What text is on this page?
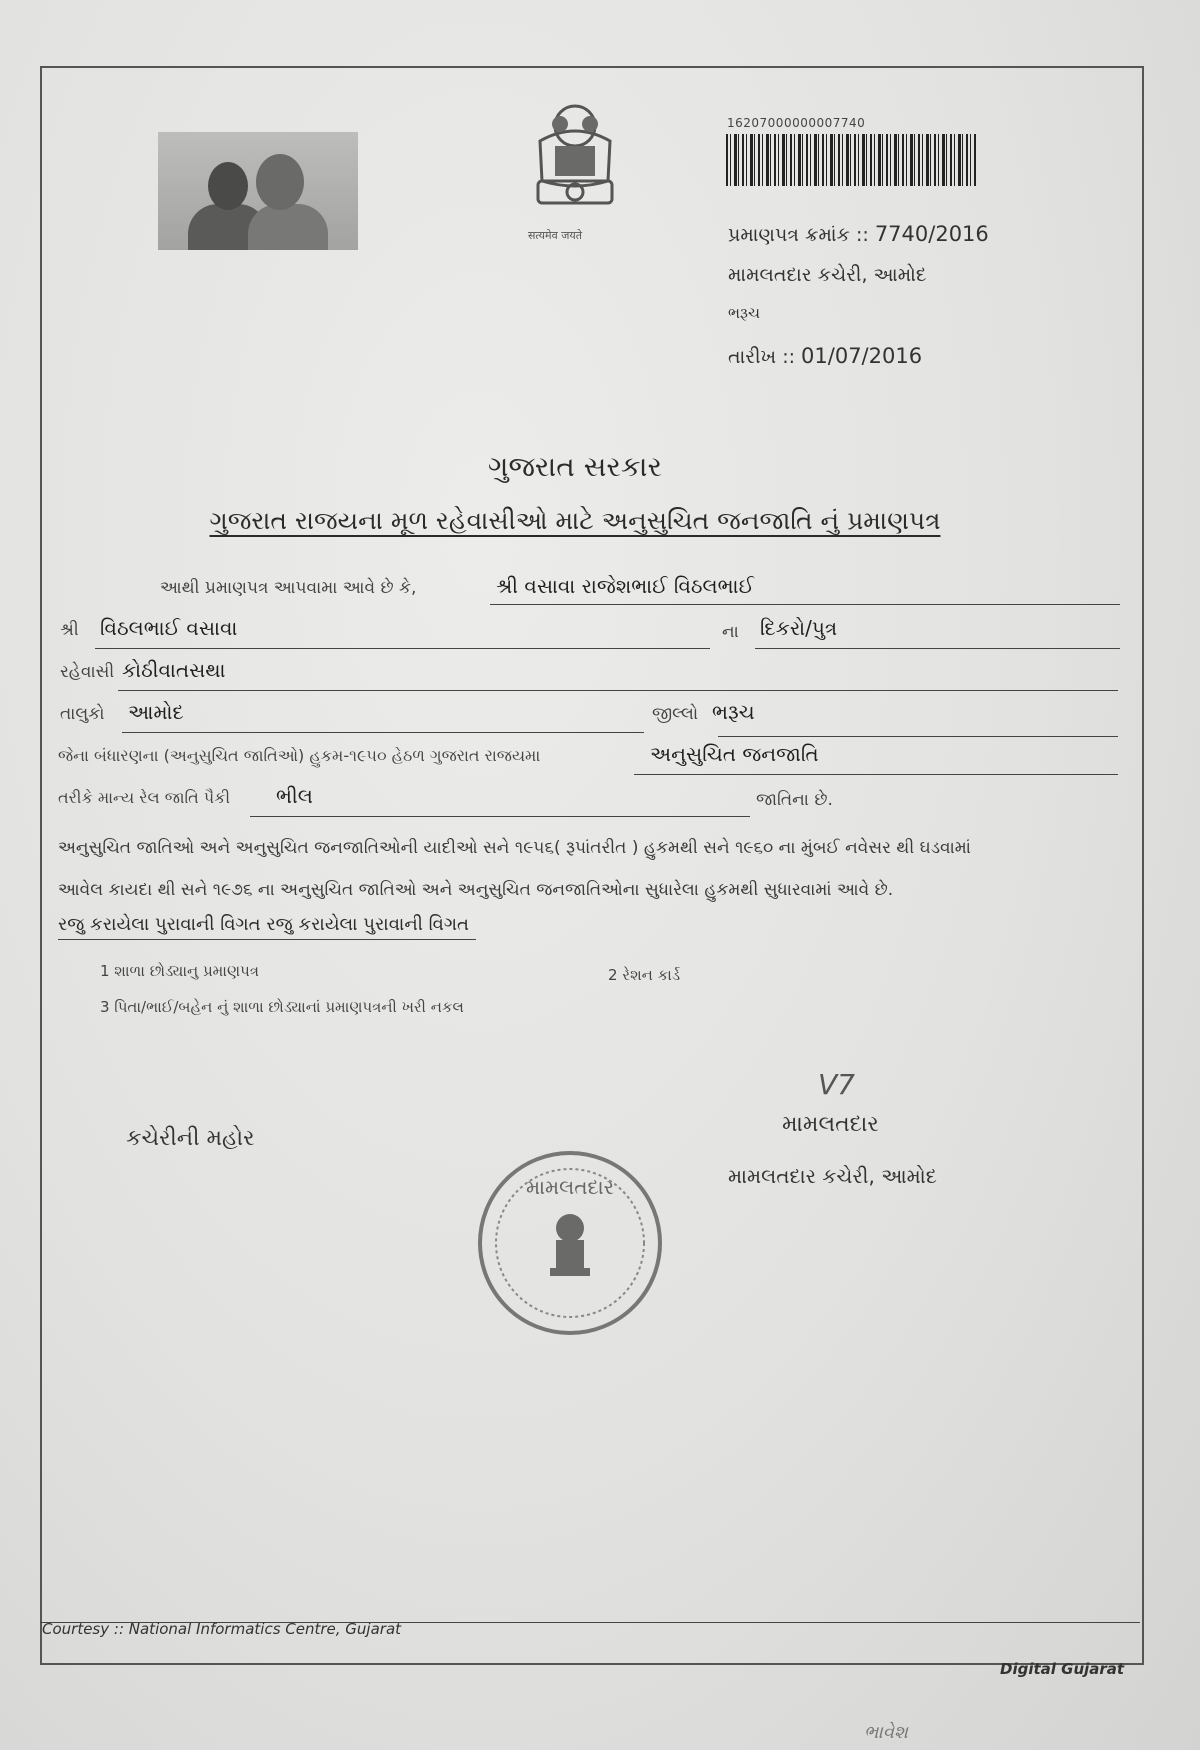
सत्यमेव जयते
16207000000007740
પ્રમાણપત્ર ક્રમાંક :: 7740/2016
મામલતદાર કચેરી, આમોદ
ભરૂચ
તારીખ :: 01/07/2016
ગુજરાત સરકાર
ગુજરાત રાજયના મૂળ રહેવાસીઓ માટે અનુસુચિત જનજાતિ નું પ્રમાણપત્ર
આથી પ્રમાણપત્ર આપવામા આવે છે કે,	શ્રી વસાવા રાજેશભાઈ વિઠલભાઈ
શ્રી વિઠલભાઈ વસાવા	ના દિકરો/પુત્ર
રહેવાસી કોઠીવાતસથા
તાલુકો આમોદ	જીલ્લો ભરૂચ
જેના બંધારણના (અનુસુચિત જાતિઓ) હુકમ-૧૯૫૦ હેઠળ ગુજરાત રાજયમા	અનુસુચિત જનજાતિ
તરીકે માન્ય રેલ જાતિ પૈકી ભીલ	જાતિના છે.
અનુસુચિત જાતિઓ અને અનુસુચિત જનજાતિઓની યાદીઓ સને ૧૯૫૬( રૂપાંતરીત ) હુકમથી સને ૧૯૬૦ ના મુંબઈ નવેસર થી ઘડવામાં
આવેલ કાયદા થી સને ૧૯૭૬ ના અનુસુચિત જાતિઓ અને અનુસુચિત જનજાતિઓના સુધારેલા હુકમથી સુધારવામાં આવે છે.
રજુ કરાયેલા પુરાવાની વિગત રજુ કરાયેલા પુરાવાની વિગત
1 શાળા છોડ્યાનુ પ્રમાણપત્ર	2 રેશન કાર્ડ
3 પિતા/ભાઈ/બહેન નું શાળા છોડ્યાનાં પ્રમાણપત્રની ખરી નકલ
V7
કચેરીની મહોર
મામલતદાર
મામલતદાર કચેરી, આમોદ
મામલતદાર
Courtesy :: National Informatics Centre, Gujarat
Digital Gujarat
ભાવેશ
